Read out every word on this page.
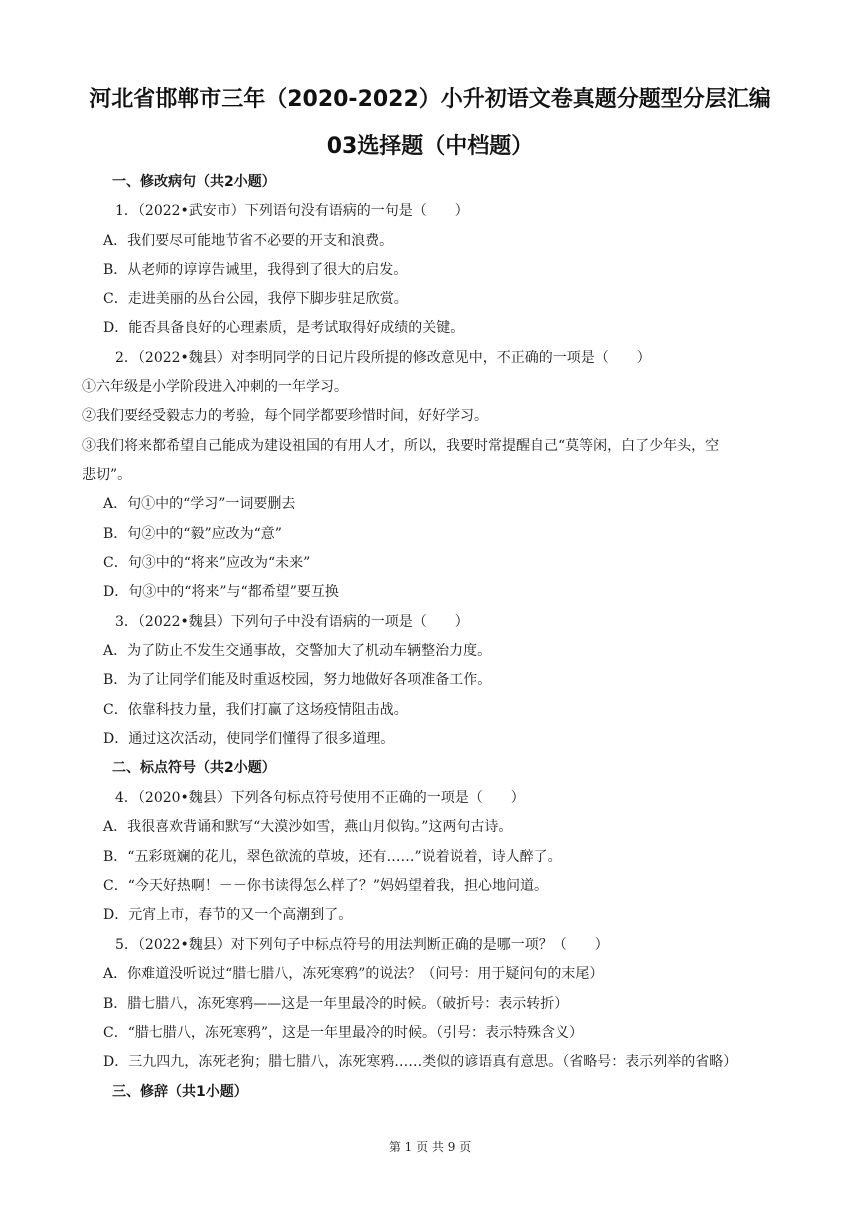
河北省邯郸市三年（2020-2022）小升初语文卷真题分题型分层汇编
03选择题（中档题）
一、修改病句（共2小题）
1．（2022•武安市）下列语句没有语病的一句是（　　）
A．我们要尽可能地节省不必要的开支和浪费。
B．从老师的谆谆告诫里，我得到了很大的启发。
C．走进美丽的丛台公园，我停下脚步驻足欣赏。
D．能否具备良好的心理素质，是考试取得好成绩的关键。
2．（2022•魏县）对李明同学的日记片段所提的修改意见中，不正确的一项是（　　）
①六年级是小学阶段进入冲刺的一年学习。
②我们要经受毅志力的考验，每个同学都要珍惜时间，好好学习。
③我们将来都希望自己能成为建设祖国的有用人才，所以，我要时常提醒自己“莫等闲，白了少年头，空
悲切”。
A．句①中的“学习”一词要删去
B．句②中的“毅”应改为“意”
C．句③中的“将来”应改为“未来”
D．句③中的“将来”与“都希望”要互换
3．（2022•魏县）下列句子中没有语病的一项是（　　）
A．为了防止不发生交通事故，交警加大了机动车辆整治力度。
B．为了让同学们能及时重返校园，努力地做好各项准备工作。
C．依靠科技力量，我们打赢了这场疫情阻击战。
D．通过这次活动，使同学们懂得了很多道理。
二、标点符号（共2小题）
4．（2020•魏县）下列各句标点符号使用不正确的一项是（　　）
A．我很喜欢背诵和默写“大漠沙如雪，燕山月似钩。”这两句古诗。
B．“五彩斑斓的花儿，翠色欲流的草坡，还有……”说着说着，诗人醉了。
C．“今天好热啊！－－你书读得怎么样了？”妈妈望着我，担心地问道。
D．元宵上市，春节的又一个高潮到了。
5．（2022•魏县）对下列句子中标点符号的用法判断正确的是哪一项？（　　）
A．你难道没听说过“腊七腊八，冻死寒鸦”的说法？（问号：用于疑问句的末尾）
B．腊七腊八，冻死寒鸦——这是一年里最冷的时候。（破折号：表示转折）
C．“腊七腊八，冻死寒鸦”，这是一年里最冷的时候。（引号：表示特殊含义）
D．三九四九，冻死老狗；腊七腊八，冻死寒鸦……类似的谚语真有意思。（省略号：表示列举的省略）
三、修辞（共1小题）
第 1 页 共 9 页
